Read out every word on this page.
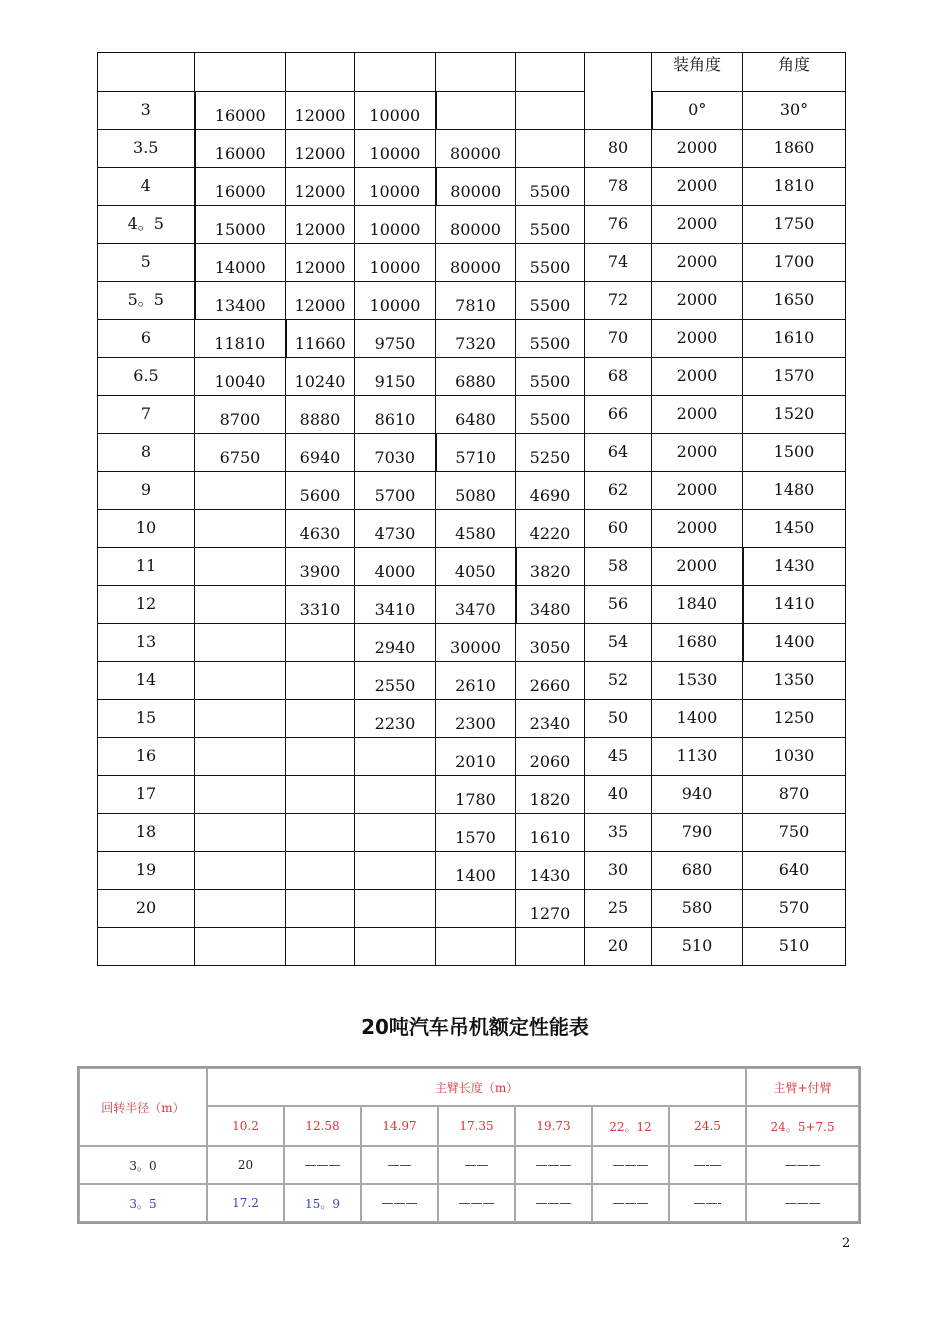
							装角度	角度
3	16000	12000	10000				0°	30°
3.5	16000	12000	10000	80000		80	2000	1860
4	16000	12000	10000	80000	5500	78	2000	1810
4。5	15000	12000	10000	80000	5500	76	2000	1750
5	14000	12000	10000	80000	5500	74	2000	1700
5。5	13400	12000	10000	7810	5500	72	2000	1650
6	11810	11660	9750	7320	5500	70	2000	1610
6.5	10040	10240	9150	6880	5500	68	2000	1570
7	8700	8880	8610	6480	5500	66	2000	1520
8	6750	6940	7030	5710	5250	64	2000	1500
9		5600	5700	5080	4690	62	2000	1480
10		4630	4730	4580	4220	60	2000	1450
11		3900	4000	4050	3820	58	2000	1430
12		3310	3410	3470	3480	56	1840	1410
13			2940	30000	3050	54	1680	1400
14			2550	2610	2660	52	1530	1350
15			2230	2300	2340	50	1400	1250
16				2010	2060	45	1130	1030
17				1780	1820	40	940	870
18				1570	1610	35	790	750
19				1400	1430	30	680	640
20					1270	25	580	570
						20	510	510
20吨汽车吊机额定性能表
回转半径（m）	主臂长度（m）							主臂+付臂
	10.2	12.58	14.97	17.35	19.73	22。12	24.5	24。5+7.5
3。0	20	———	——	——	———	———	—-—	———
3。5	17.2	15。9	———	———	———	———	——-	———
2
